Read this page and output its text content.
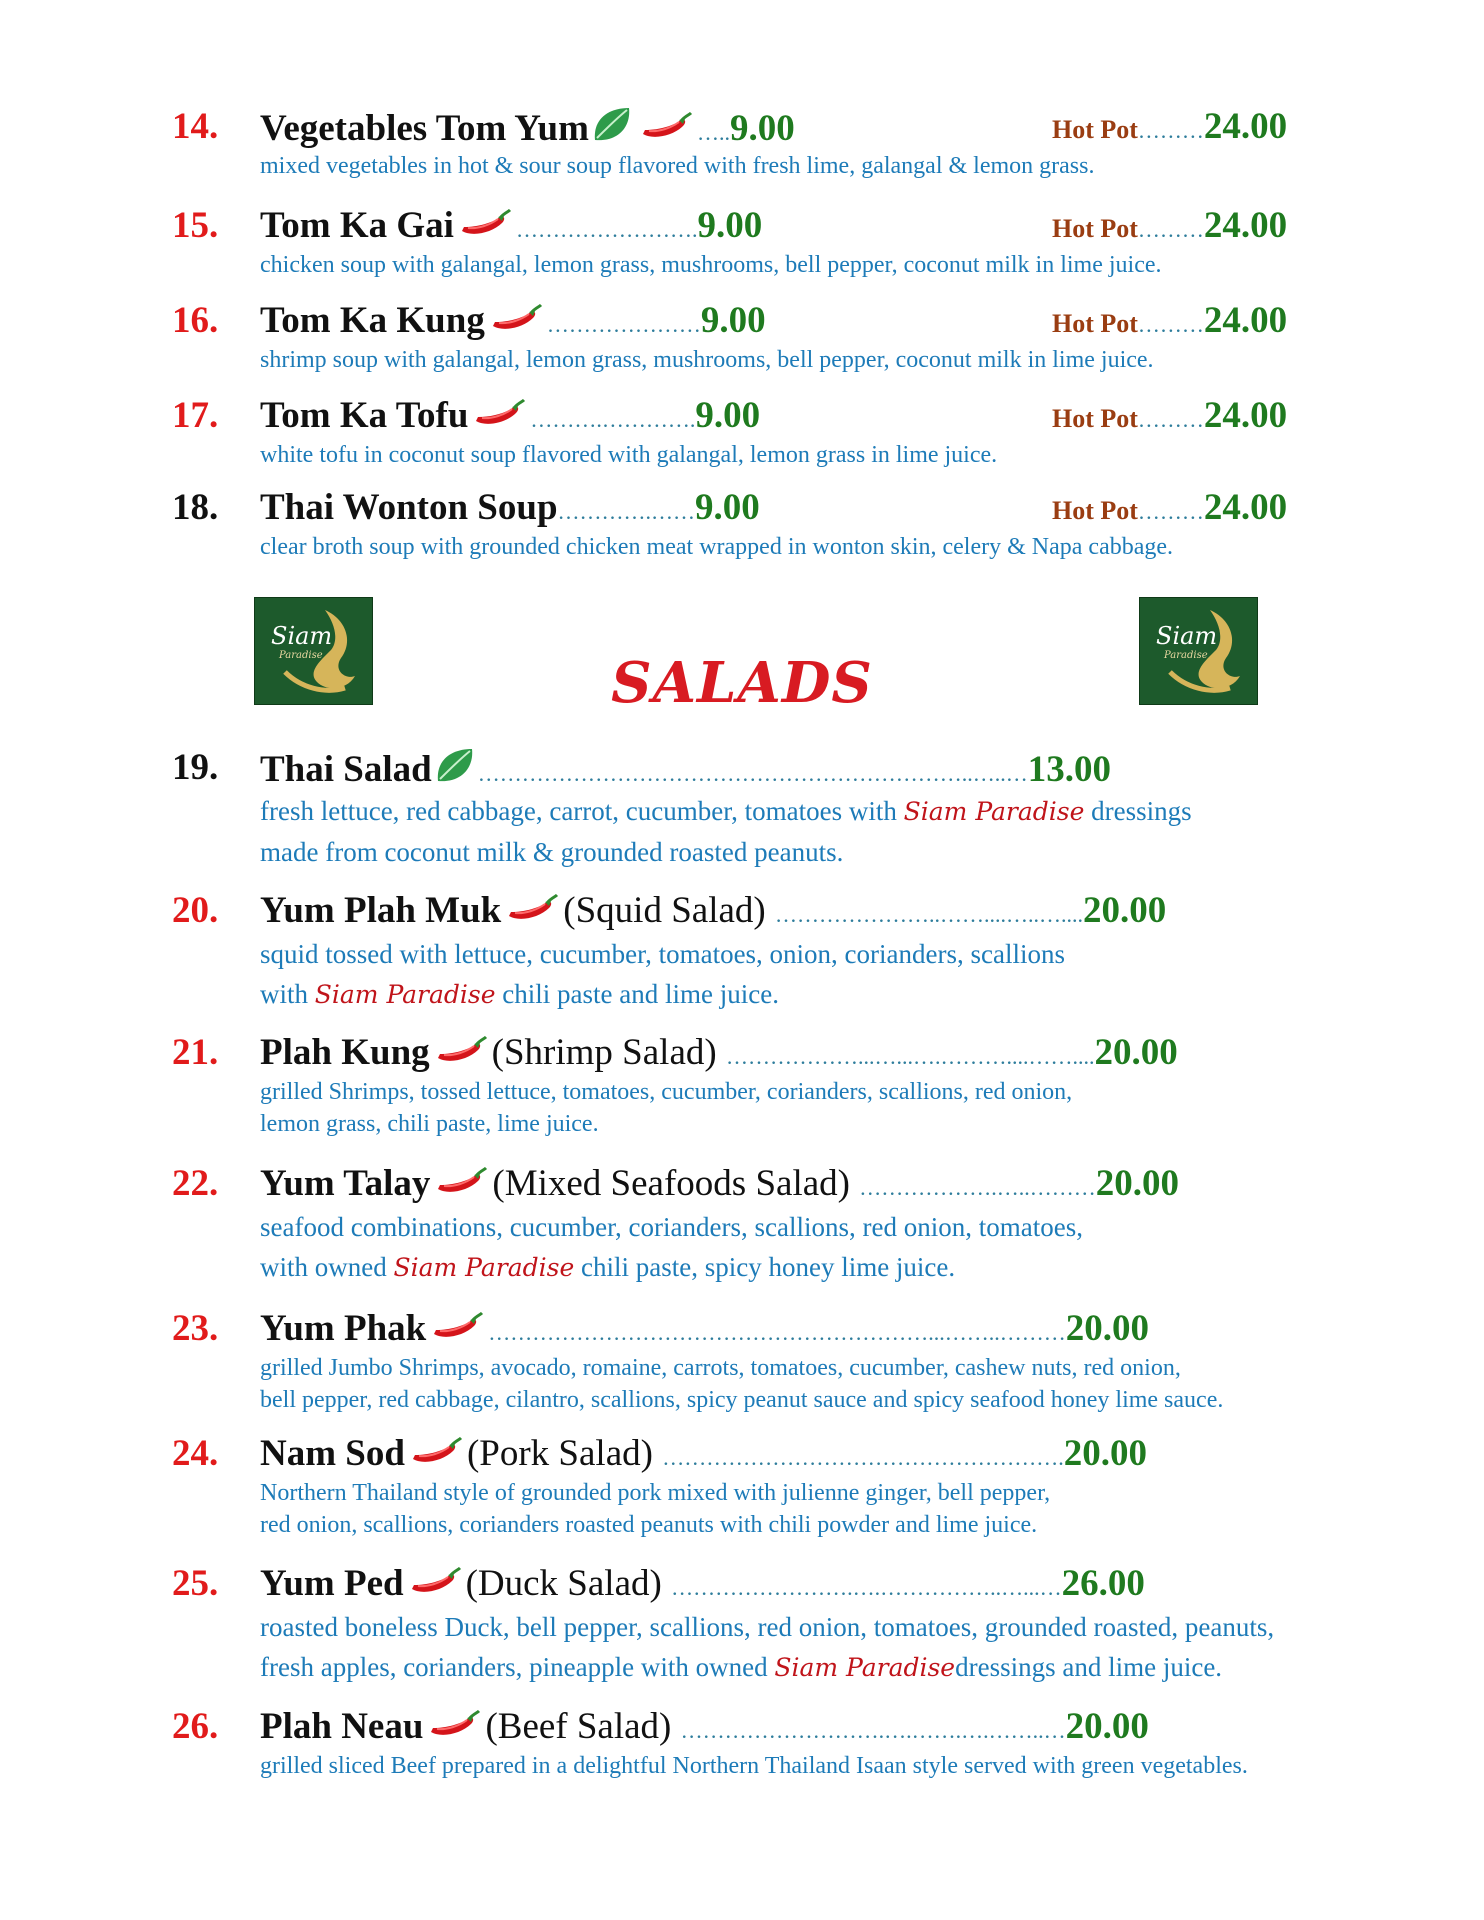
14. Vegetables Tom Yum	…..9.00	Hot Pot………24.00
mixed vegetables in hot & sour soup flavored with fresh lime, galangal & lemon grass.
15. Tom Ka Gai	…………………….9.00	Hot Pot………24.00
chicken soup with galangal, lemon grass, mushrooms, bell pepper, coconut milk in lime juice.
16. Tom Ka Kung	…………………9.00	Hot Pot………24.00
shrimp soup with galangal, lemon grass, mushrooms, bell pepper, coconut milk in lime juice.
17. Tom Ka Tofu	……….………….9.00	Hot Pot………24.00
white tofu in coconut soup flavored with galangal, lemon grass in lime juice.
18. Thai Wonton Soup………….……9.00	Hot Pot………24.00
clear broth soup with grounded chicken meat wrapped in wonton skin, celery & Napa cabbage.
Siam
Paradise
Siam
Paradise
SALADS
19. Thai Salad …………………………………………………………..…..…13.00
fresh lettuce, red cabbage, carrot, cucumber, tomatoes with Siam Paradise dressings
made from coconut milk & grounded roasted peanuts.
20. Yum Plah Muk (Squid Salad) …………………..……....…..…....20.00
squid tossed with lettuce, cucumber, tomatoes, onion, corianders, scallions
with Siam Paradise chili paste and lime juice.
21. Plah Kung (Shrimp Salad) ………………...…...….………....……....20.00
grilled Shrimps, tossed lettuce, tomatoes, cucumber, corianders, scallions, red onion,
lemon grass, chili paste, lime juice.
22. Yum Talay (Mixed Seafoods Salad) ……………….…..………20.00
seafood combinations, cucumber, corianders, scallions, red onion, tomatoes,
with owned Siam Paradise chili paste, spicy honey lime juice.
23. Yum Phak	……………………………………………………...……..………20.00
grilled Jumbo Shrimps, avocado, romaine, carrots, tomatoes, cucumber, cashew nuts, red onion,
bell pepper, red cabbage, cilantro, scallions, spicy peanut sauce and spicy seafood honey lime sauce.
24. Nam Sod (Pork Salad) ……………………………………………….20.00
Northern Thailand style of grounded pork mixed with julienne ginger, bell pepper,
red onion, scallions, corianders roasted peanuts with chili powder and lime juice.
25. Yum Ped (Duck Salad) …………………….….……………..…...…26.00
roasted boneless Duck, bell pepper, scallions, red onion, tomatoes, grounded roasted, peanuts,
fresh apples, corianders, pineapple with owned Siam Paradisedressings and lime juice.
26. Plah Neau (Beef Salad) ……………………….….…….….……..…20.00
grilled sliced Beef prepared in a delightful Northern Thailand Isaan style served with green vegetables.
